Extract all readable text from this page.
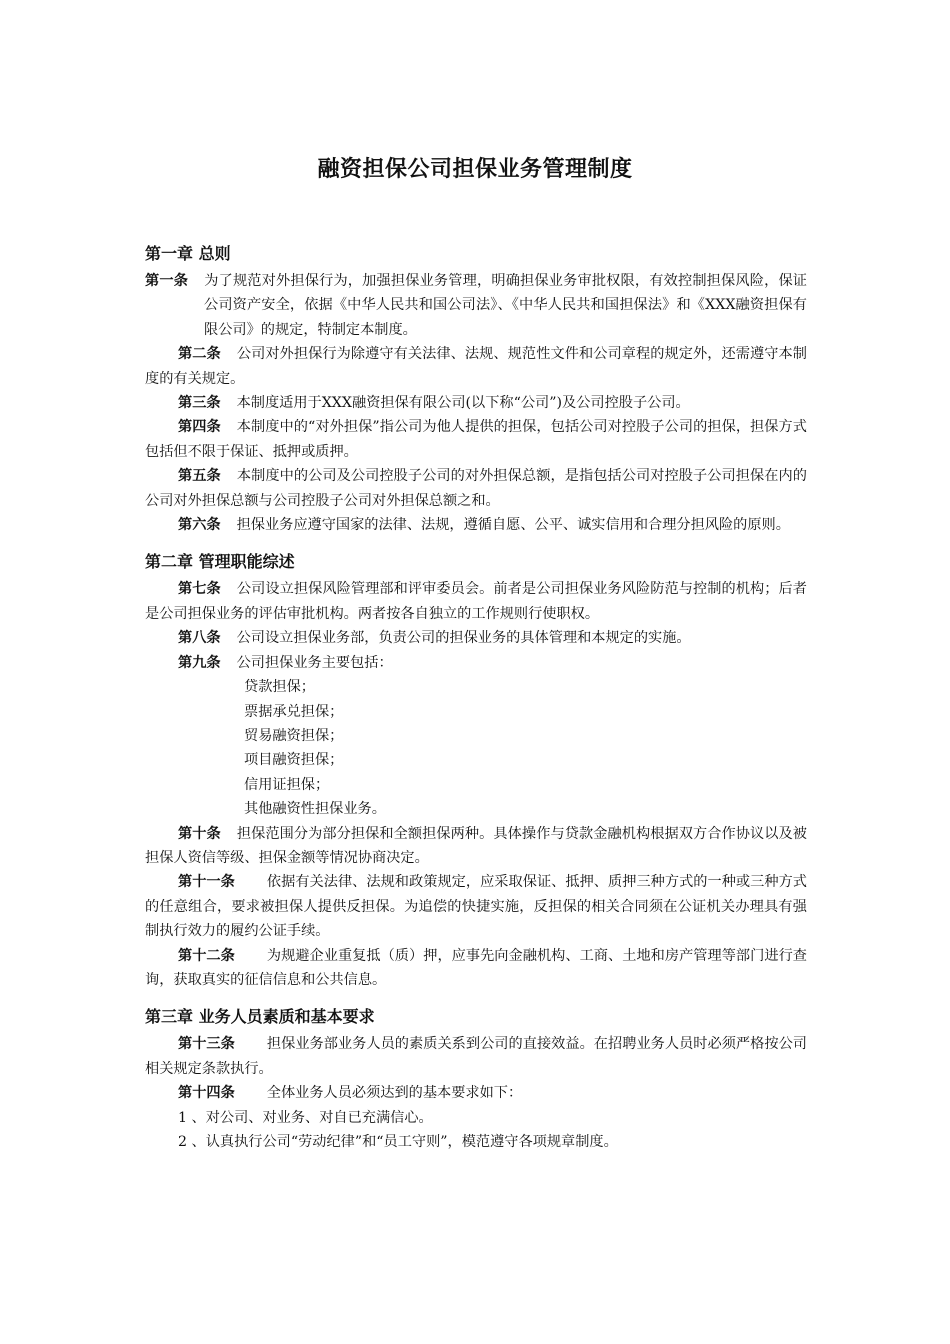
融资担保公司担保业务管理制度
第一章 总则

第一条 为了规范对外担保行为，加强担保业务管理，明确担保业务审批权限，有效控制担保风险，保证公司资产安全，依据《中华人民共和国公司法》、《中华人民共和国担保法》和《XXX融资担保有限公司》的规定，特制定本制度。

第二条 公司对外担保行为除遵守有关法律、法规、规范性文件和公司章程的规定外，还需遵守本制度的有关规定。

第三条 本制度适用于XXX融资担保有限公司(以下称“公司”)及公司控股子公司。

第四条 本制度中的“对外担保”指公司为他人提供的担保，包括公司对控股子公司的担保，担保方式包括但不限于保证、抵押或质押。

第五条 本制度中的公司及公司控股子公司的对外担保总额，是指包括公司对控股子公司担保在内的公司对外担保总额与公司控股子公司对外担保总额之和。

第六条 担保业务应遵守国家的法律、法规，遵循自愿、公平、诚实信用和合理分担风险的原则。

第二章 管理职能综述

第七条 公司设立担保风险管理部和评审委员会。前者是公司担保业务风险防范与控制的机构；后者是公司担保业务的评估审批机构。两者按各自独立的工作规则行使职权。

第八条 公司设立担保业务部，负责公司的担保业务的具体管理和本规定的实施。

第九条 公司担保业务主要包括：

贷款担保；

票据承兑担保；

贸易融资担保；

项目融资担保；

信用证担保；

其他融资性担保业务。

第十条 担保范围分为部分担保和全额担保两种。具体操作与贷款金融机构根据双方合作协议以及被担保人资信等级、担保金额等情况协商决定。

第十一条 依据有关法律、法规和政策规定，应采取保证、抵押、质押三种方式的一种或三种方式的任意组合，要求被担保人提供反担保。为追偿的快捷实施，反担保的相关合同须在公证机关办理具有强制执行效力的履约公证手续。

第十二条 为规避企业重复抵（质）押，应事先向金融机构、工商、土地和房产管理等部门进行查询，获取真实的征信信息和公共信息。

第三章 业务人员素质和基本要求

第十三条 担保业务部业务人员的素质关系到公司的直接效益。在招聘业务人员时必须严格按公司相关规定条款执行。

第十四条 全体业务人员必须达到的基本要求如下：

1 、对公司、对业务、对自已充满信心。

2 、认真执行公司“劳动纪律”和“员工守则”，模范遵守各项规章制度。
